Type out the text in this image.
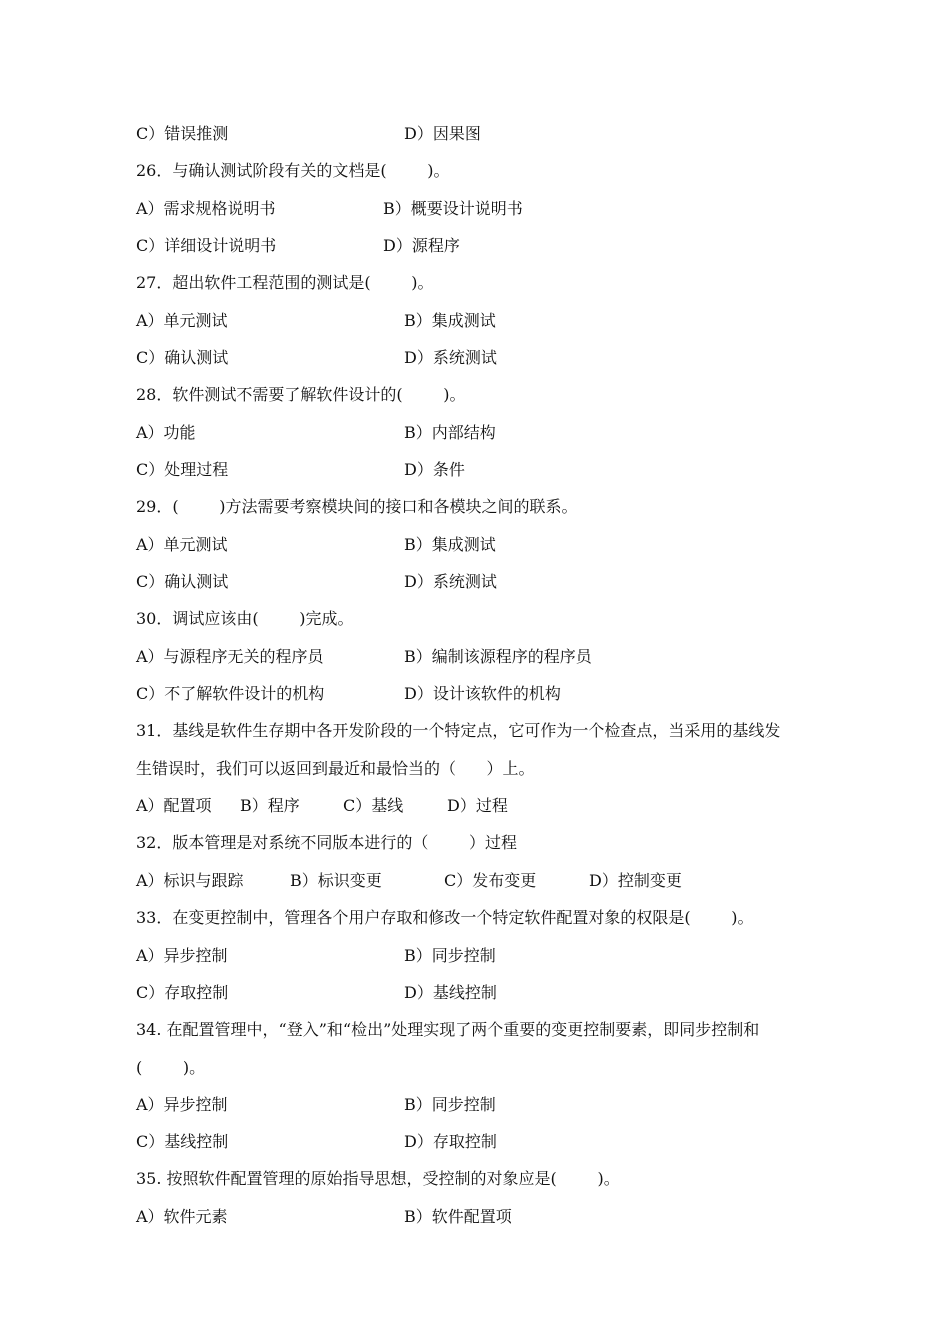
C）错误推测	D）因果图
26．与确认测试阶段有关的文档是(        )。
A）需求规格说明书	B）概要设计说明书
C）详细设计说明书	D）源程序
27．超出软件工程范围的测试是(        )。
A）单元测试	B）集成测试
C）确认测试	D）系统测试
28．软件测试不需要了解软件设计的(        )。
A）功能	B）内部结构
C）处理过程	D）条件
29．(        )方法需要考察模块间的接口和各模块之间的联系。
A）单元测试	B）集成测试
C）确认测试	D）系统测试
30．调试应该由(        )完成。
A）与源程序无关的程序员	B）编制该源程序的程序员
C）不了解软件设计的机构	D）设计该软件的机构
31．基线是软件生存期中各开发阶段的一个特定点，它可作为一个检查点，当采用的基线发
生错误时，我们可以返回到最近和最恰当的（      ）上。
A）配置项 B）程序	C）基线	D）过程
32．版本管理是对系统不同版本进行的（        ）过程
A）标识与跟踪	B）标识变更	C）发布变更	D）控制变更
33．在变更控制中，管理各个用户存取和修改一个特定软件配置对象的权限是(        )。
A）异步控制	B）同步控制
C）存取控制	D）基线控制
34. 在配置管理中，“登入”和“检出”处理实现了两个重要的变更控制要素，即同步控制和
(        )。
A）异步控制	B）同步控制
C）基线控制	D）存取控制
35. 按照软件配置管理的原始指导思想，受控制的对象应是(        )。
A）软件元素	B）软件配置项
